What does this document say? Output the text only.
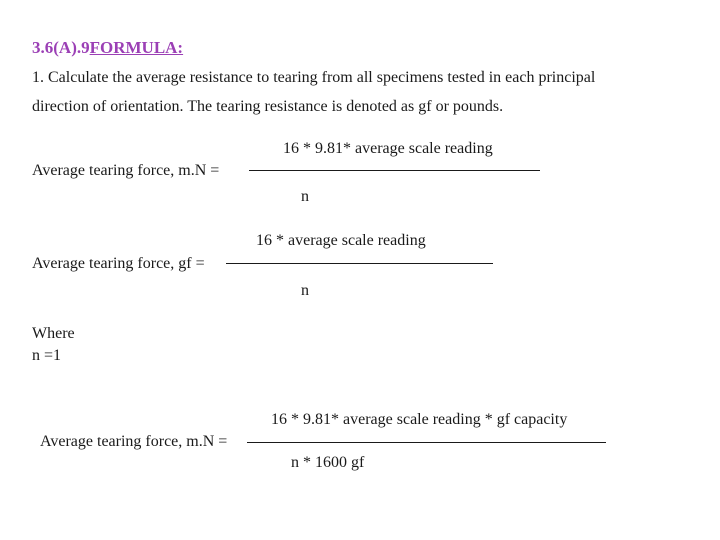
3.6(A).9FORMULA:
1. Calculate the average resistance to tearing from all specimens tested in each principal
direction of orientation. The tearing resistance is denoted as gf or pounds.
16 * 9.81* average scale reading
Average tearing force, m.N =
n
16 * average scale reading
Average tearing force, gf =
n
Where
n =1
16 * 9.81* average scale reading * gf capacity
Average tearing force, m.N =
n * 1600 gf
